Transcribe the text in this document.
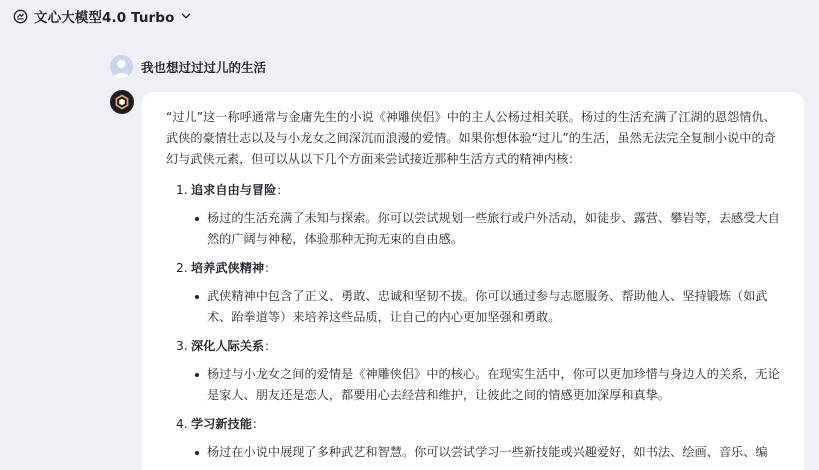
文心大模型4.0 Turbo
我也想过过过儿的生活

“过儿”这一称呼通常与金庸先生的小说《神雕侠侣》中的主人公杨过相关联。杨过的生活充满了江湖的恩怨情仇、武侠的豪情壮志以及与小龙女之间深沉而浪漫的爱情。如果你想体验“过儿”的生活，虽然无法完全复制小说中的奇幻与武侠元素，但可以从以下几个方面来尝试接近那种生活方式的精神内核：

1. 追求自由与冒险 ：
杨过的生活充满了未知与探索。你可以尝试规划一些旅行或户外活动，如徒步、露营、攀岩等，去感受大自然的广阔与神秘，体验那种无拘无束的自由感。
2. 培养武侠精神 ：
武侠精神中包含了正义、勇敢、忠诚和坚韧不拔。你可以通过参与志愿服务、帮助他人、坚持锻炼（如武术、跆拳道等）来培养这些品质，让自己的内心更加坚强和勇敢。
3. 深化人际关系 ：
杨过与小龙女之间的爱情是《神雕侠侣》中的核心。在现实生活中，你可以更加珍惜与身边人的关系，无论是家人、朋友还是恋人，都要用心去经营和维护，让彼此之间的情感更加深厚和真挚。
4. 学习新技能 ：
杨过在小说中展现了多种武艺和智慧。你可以尝试学习一些新技能或兴趣爱好，如书法、绘画、音乐、编
